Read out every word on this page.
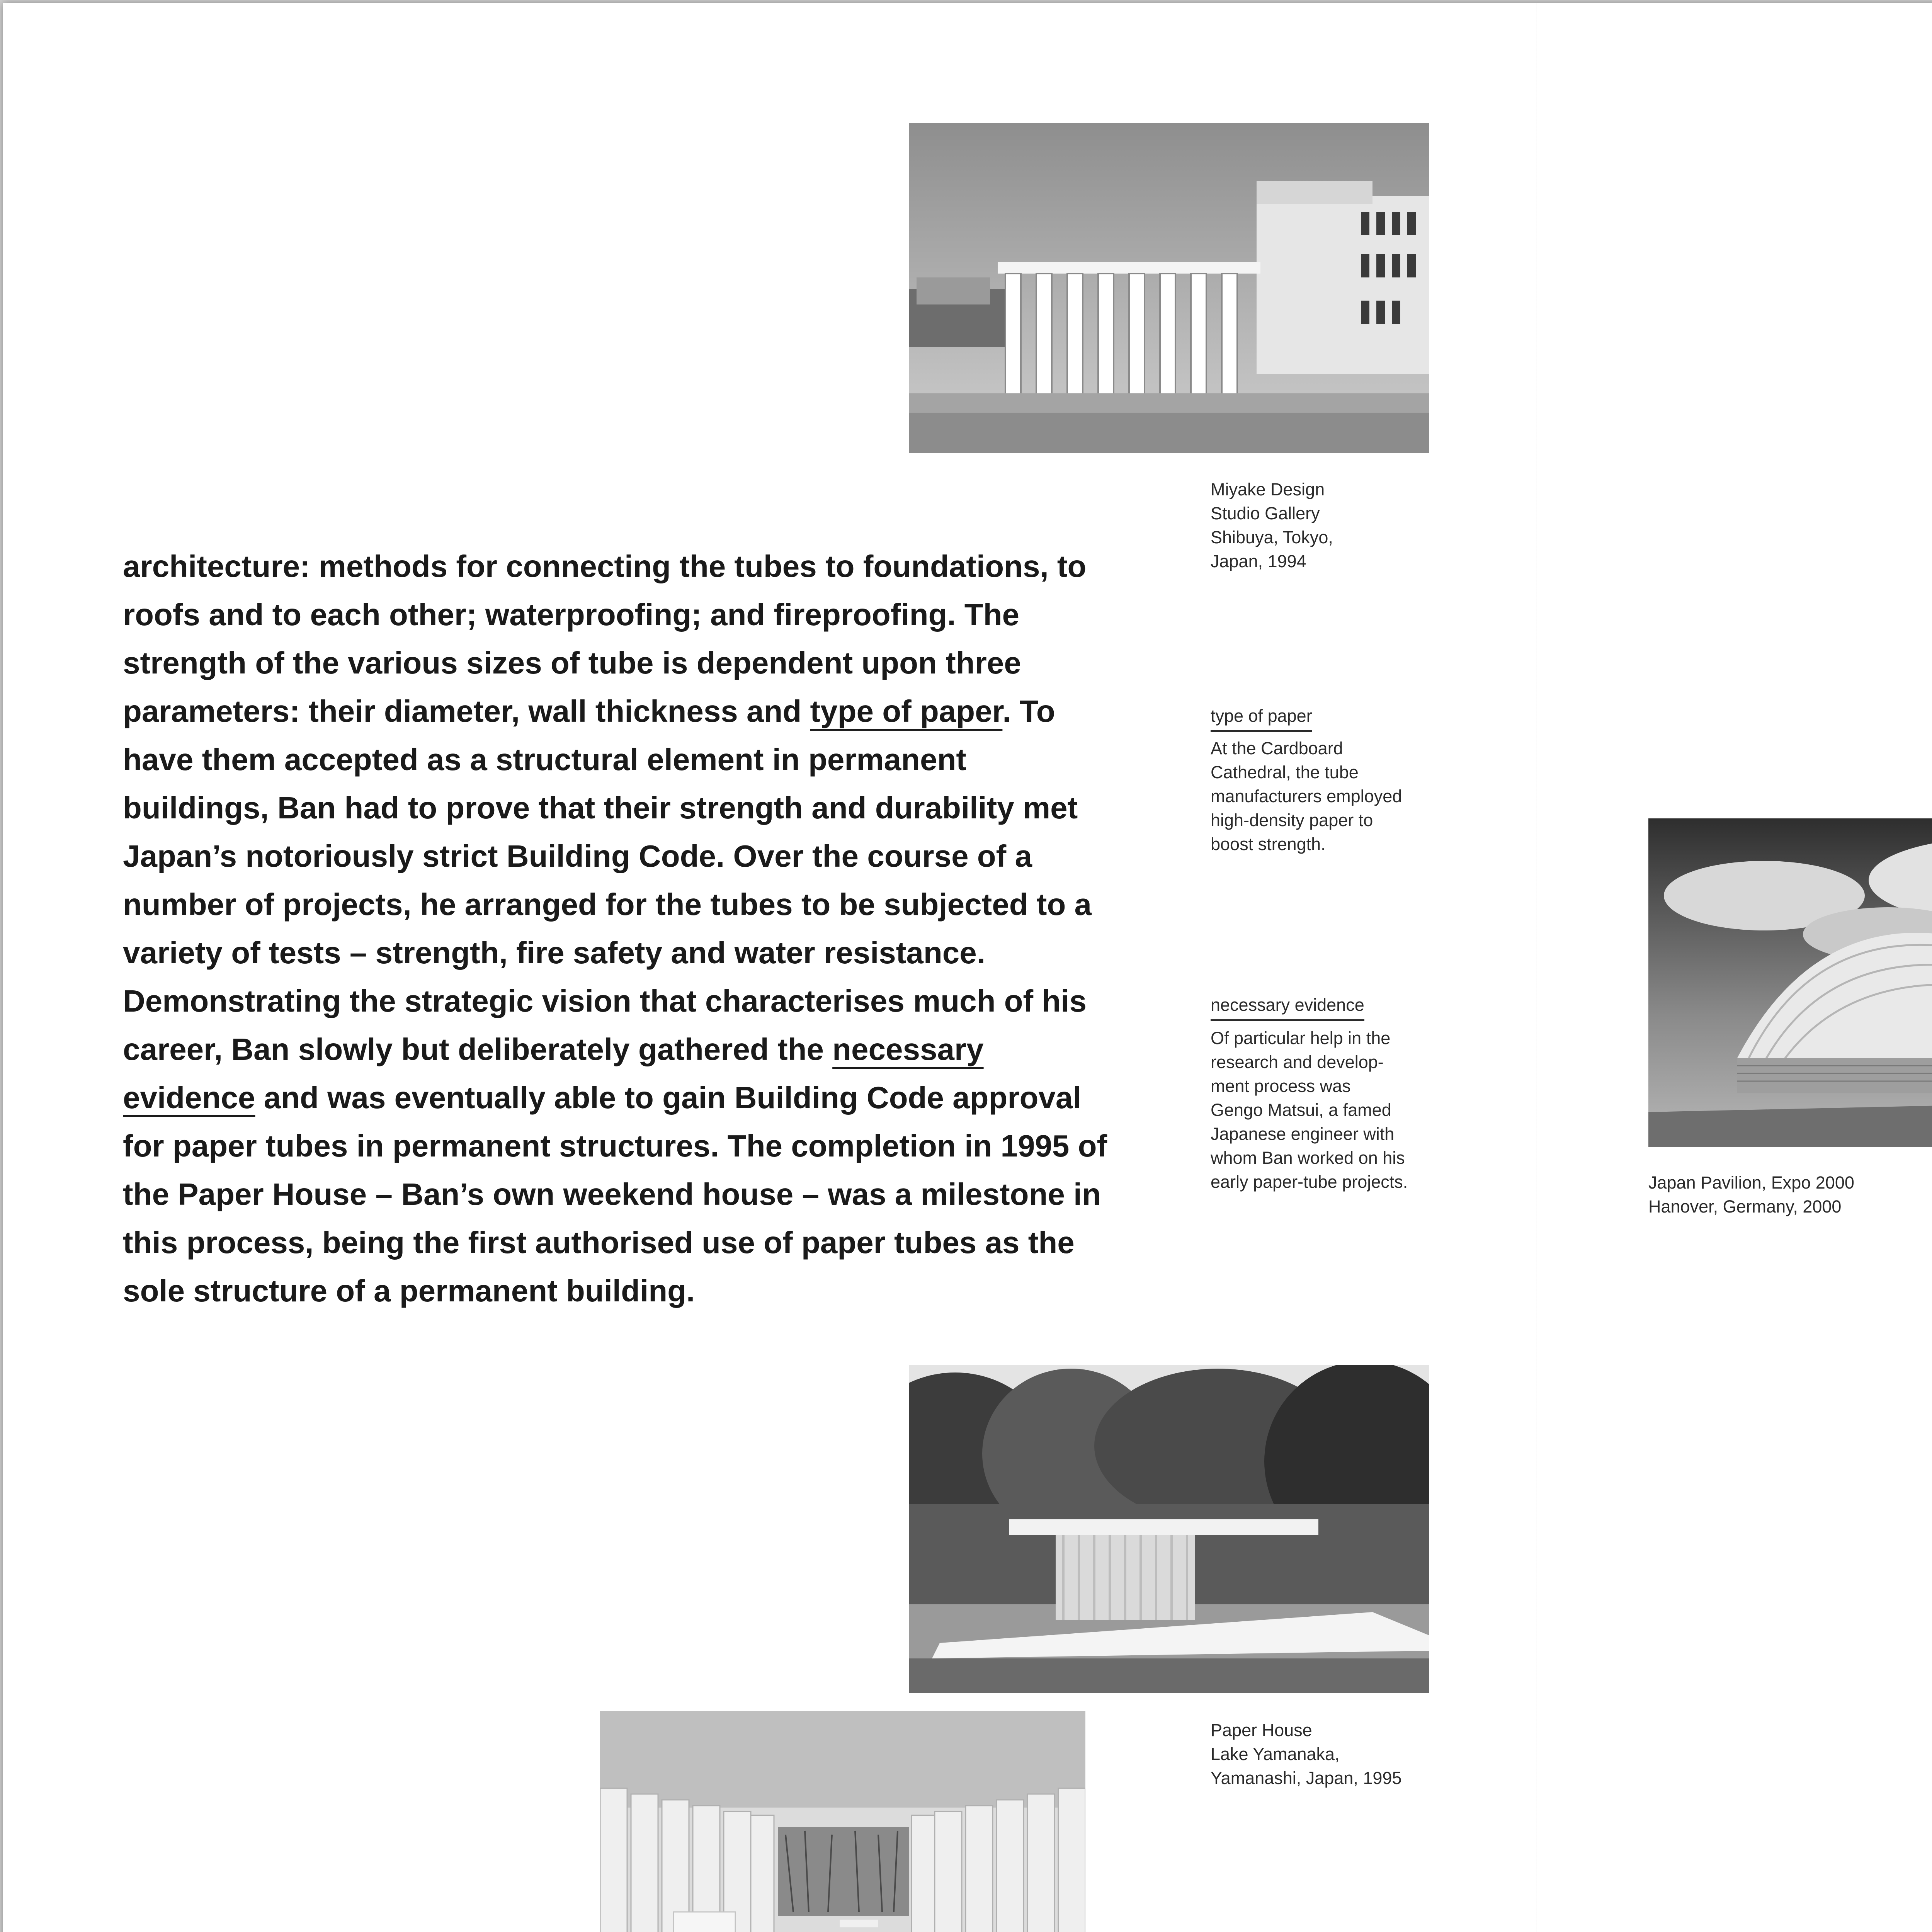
Miyake Design
Studio Gallery
Shibuya, Tokyo,
Japan, 1994

architecture: methods for connecting the tubes to foundations, to roofs and to each other; waterproofing; and fireproofing. The strength of the various sizes of tube is dependent upon three parameters: their diameter, wall thickness and type of paper. To have them accepted as a structural element in permanent buildings, Ban had to prove that their strength and durability met Japan’s notoriously strict Building Code. Over the course of a number of projects, he arranged for the tubes to be subjected to a variety of tests – strength, fire safety and water resistance. Demonstrating the strategic vision that characterises much of his career, Ban slowly but deliberately gathered the necessary evidence and was eventually able to gain Building Code approval for paper tubes in permanent structures. The completion in 1995 of the Paper House – Ban’s own weekend house – was a milestone in this process, being the first authorised use of paper tubes as the sole structure of a permanent building.

type of paper

At the Cardboard
Cathedral, the tube
manufacturers employed
high-density paper to
boost strength.

necessary evidence

Of particular help in the
research and develop-
ment process was
Gengo Matsui, a famed
Japanese engineer with
whom Ban worked on his
early paper-tube projects.

Paper House
Lake Yamanaka,
Yamanashi, Japan, 1995

Japan Pavilion, Expo 2000
Hanover, Germany, 2000
